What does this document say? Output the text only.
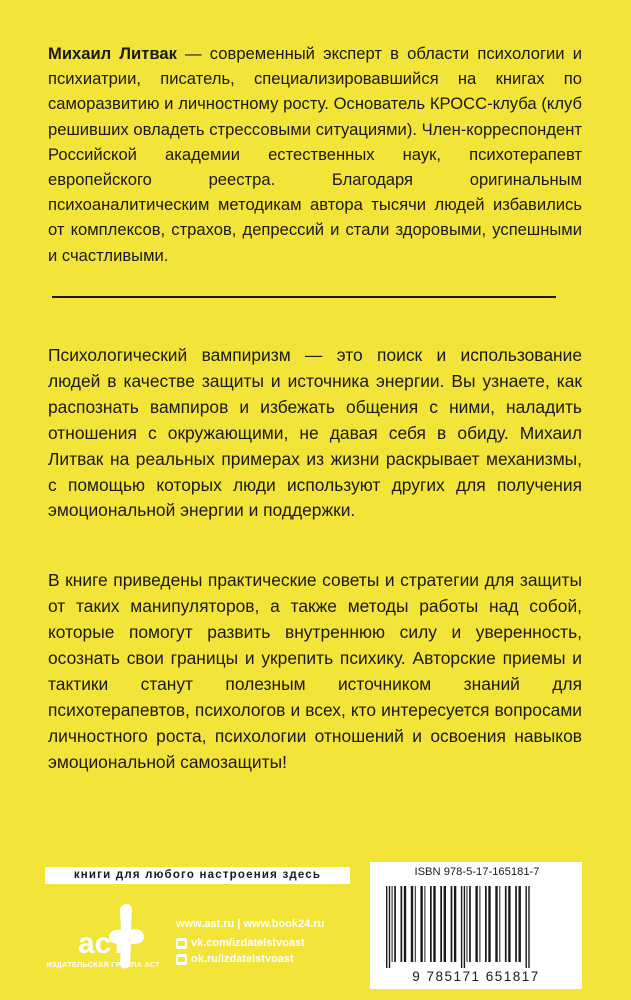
Михаил Литвак — современный эксперт в области психологии и психиатрии, писатель, специализировавшийся на книгах по саморазвитию и личностному росту. Основатель КРОСС-клуба (клуб решивших овладеть стрессовыми ситуациями). Член-корреспондент Российской академии естественных наук, психотерапевт европейского реестра. Благодаря оригинальным психоаналитическим методикам автора тысячи людей избавились от комплексов, страхов, депрессий и стали здоровыми, успешными и счастливыми.

Психологический вампиризм — это поиск и использование людей в качестве защиты и источника энергии. Вы узнаете, как распознать вампиров и избежать общения с ними, наладить отношения с окружающими, не давая себя в обиду. Михаил Литвак на реальных примерах из жизни раскрывает механизмы, с помощью которых люди используют других для получения эмоциональной энергии и поддержки.

В книге приведены практические советы и стратегии для защиты от таких манипуляторов, а также методы работы над собой, которые помогут развить внутреннюю силу и уверенность, осознать свои границы и укрепить психику. Авторские приемы и тактики станут полезным источником знаний для психотерапевтов, психологов и всех, кто интересуется вопросами личностного роста, психологии отношений и освоения навыков эмоциональной самозащиты!

книги для любого настроения здесь
аст
ИЗДАТЕЛЬСКАЯ ГРУППА АСТ
www.ast.ru | www.book24.ru
vk.com/izdatelstvoast
ok.ru/izdatelstvoast
ISBN 978-5-17-165181-7
9 785171 651817
